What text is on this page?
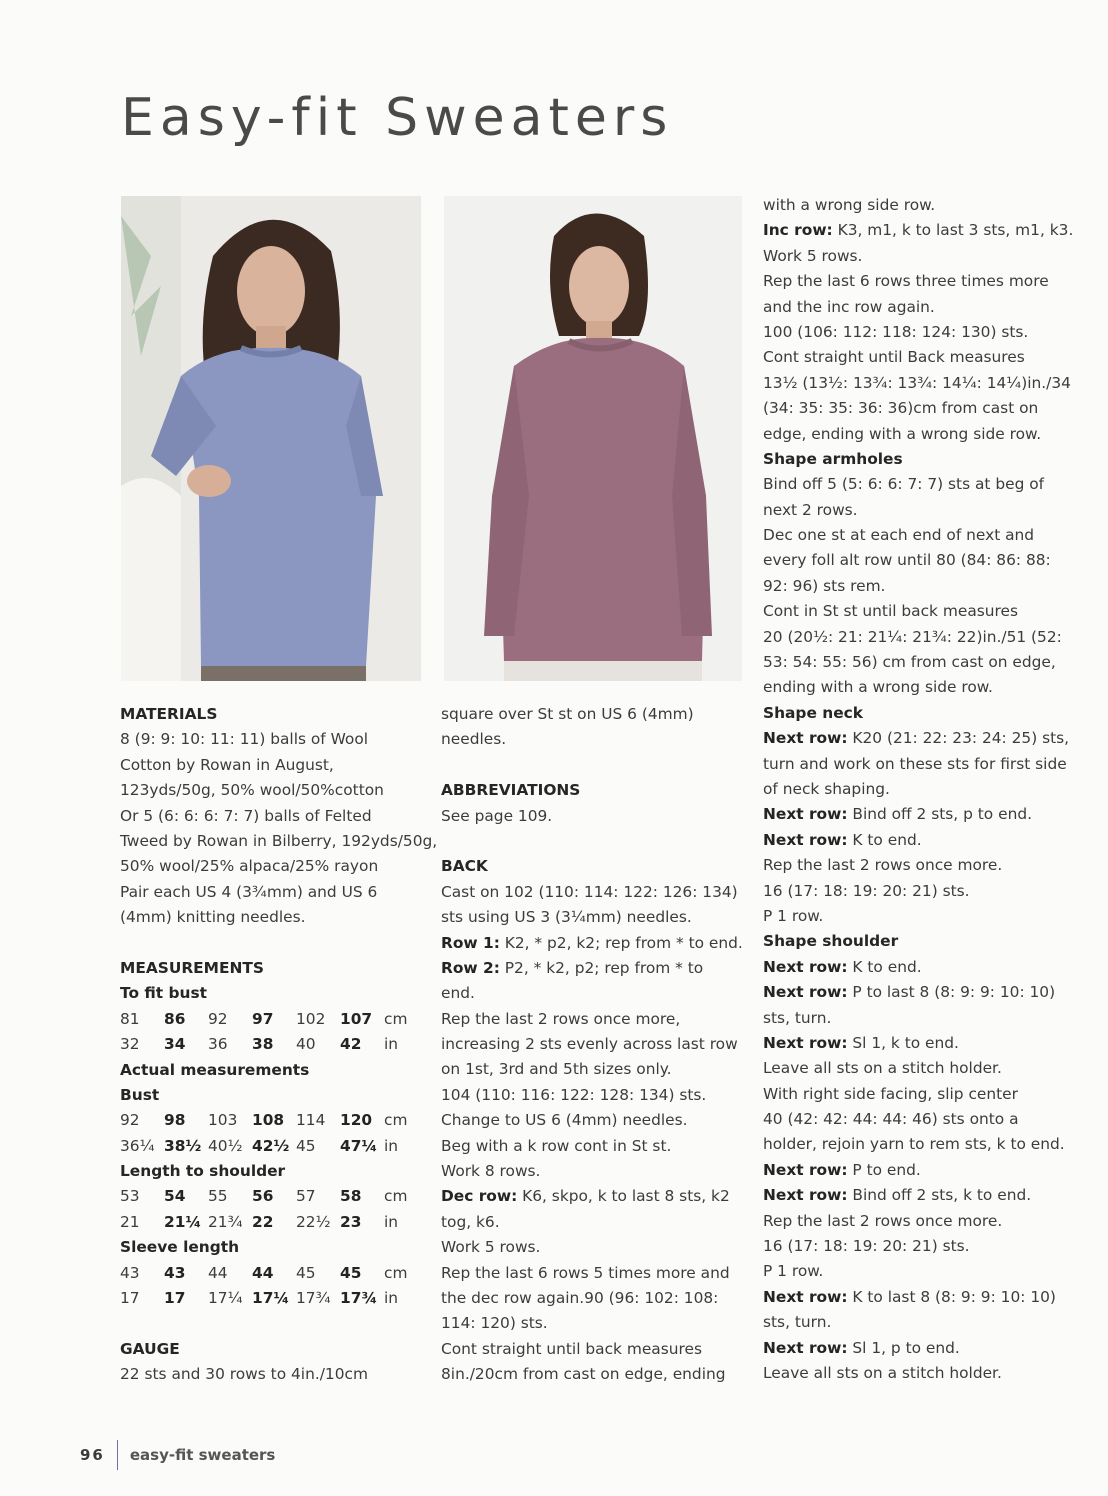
Easy-fit Sweaters
MATERIALS
8 (9: 9: 10: 11: 11) balls of Wool
Cotton by Rowan in August,
123yds/50g, 50% wool/50%cotton
Or 5 (6: 6: 6: 7: 7) balls of Felted
Tweed by Rowan in Bilberry, 192yds/50g,
50% wool/25% alpaca/25% rayon
Pair each US 4 (3¾mm) and US 6
(4mm) knitting needles.
MEASUREMENTS
To fit bust
81	86	92	97	102	107	cm
32	34	36	38	40	42	in
Actual measurements
Bust
92	98	103	108	114	120	cm
36¼	38½	40½	42½	45	47¼	in
Length to shoulder
53	54	55	56	57	58	cm
21	21¼	21¾	22	22½	23	in
Sleeve length
43	43	44	44	45	45	cm
17	17	17¼	17¼	17¾	17¾	in
GAUGE
22 sts and 30 rows to 4in./10cm
square over St st on US 6 (4mm)
needles.
ABBREVIATIONS
See page 109.
BACK
Cast on 102 (110: 114: 122: 126: 134)
sts using US 3 (3¼mm) needles.
Row 1: K2, * p2, k2; rep from * to end.
Row 2: P2, * k2, p2; rep from * to
end.
Rep the last 2 rows once more,
increasing 2 sts evenly across last row
on 1st, 3rd and 5th sizes only.
104 (110: 116: 122: 128: 134) sts.
Change to US 6 (4mm) needles.
Beg with a k row cont in St st.
Work 8 rows.
Dec row: K6, skpo, k to last 8 sts, k2
tog, k6.
Work 5 rows.
Rep the last 6 rows 5 times more and
the dec row again.90 (96: 102: 108:
114: 120) sts.
Cont straight until back measures
8in./20cm from cast on edge, ending
with a wrong side row.
Inc row: K3, m1, k to last 3 sts, m1, k3.
Work 5 rows.
Rep the last 6 rows three times more
and the inc row again.
100 (106: 112: 118: 124: 130) sts.
Cont straight until Back measures
13½ (13½: 13¾: 13¾: 14¼: 14¼)in./34
(34: 35: 35: 36: 36)cm from cast on
edge, ending with a wrong side row.
Shape armholes
Bind off 5 (5: 6: 6: 7: 7) sts at beg of
next 2 rows.
Dec one st at each end of next and
every foll alt row until 80 (84: 86: 88:
92: 96) sts rem.
Cont in St st until back measures
20 (20½: 21: 21¼: 21¾: 22)in./51 (52:
53: 54: 55: 56) cm from cast on edge,
ending with a wrong side row.
Shape neck
Next row: K20 (21: 22: 23: 24: 25) sts,
turn and work on these sts for first side
of neck shaping.
Next row: Bind off 2 sts, p to end.
Next row: K to end.
Rep the last 2 rows once more.
16 (17: 18: 19: 20: 21) sts.
P 1 row.
Shape shoulder
Next row: K to end.
Next row: P to last 8 (8: 9: 9: 10: 10)
sts, turn.
Next row: Sl 1, k to end.
Leave all sts on a stitch holder.
With right side facing, slip center
40 (42: 42: 44: 44: 46) sts onto a
holder, rejoin yarn to rem sts, k to end.
Next row: P to end.
Next row: Bind off 2 sts, k to end.
Rep the last 2 rows once more.
16 (17: 18: 19: 20: 21) sts.
P 1 row.
Next row: K to last 8 (8: 9: 9: 10: 10)
sts, turn.
Next row: Sl 1, p to end.
Leave all sts on a stitch holder.
96 easy-fit sweaters
